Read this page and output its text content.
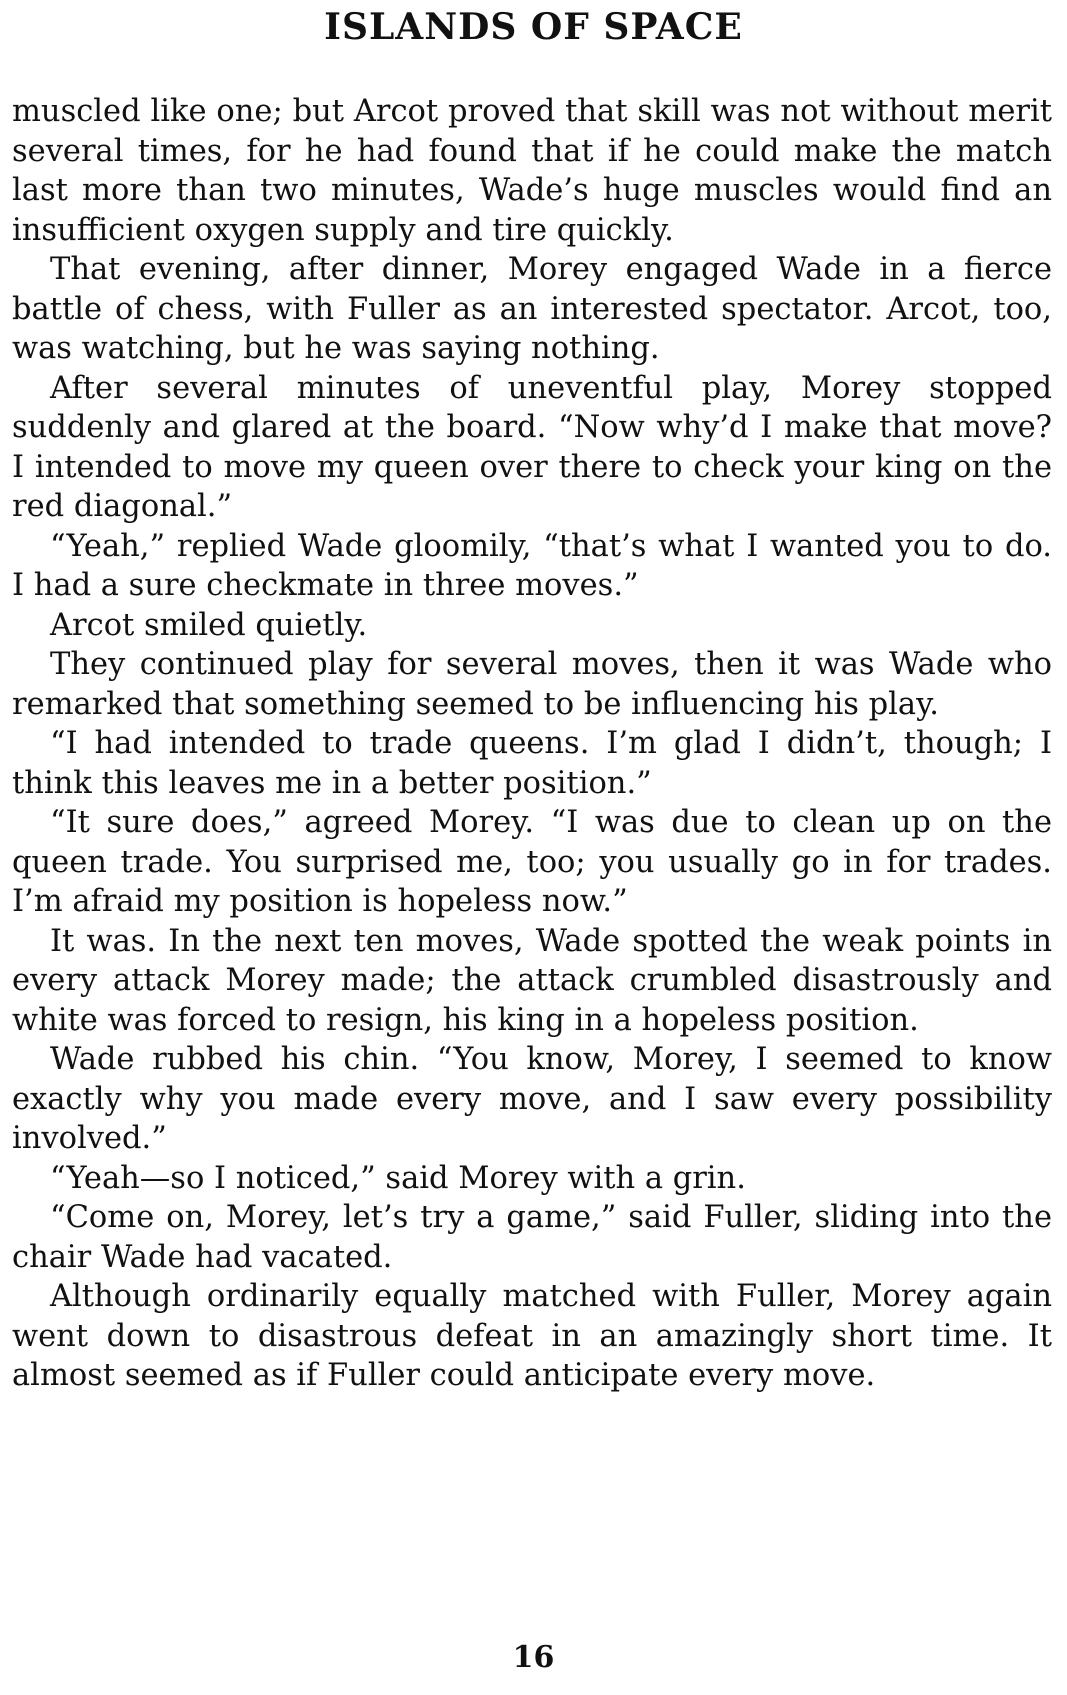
ISLANDS OF SPACE

muscled like one; but Arcot proved that skill was not without merit several times, for he had found that if he could make the match last more than two minutes, Wade’s huge muscles would find an insufficient oxygen supply and tire quickly.

That evening, after dinner, Morey engaged Wade in a fierce battle of chess, with Fuller as an interested spectator. Arcot, too, was watching, but he was saying nothing.

After several minutes of uneventful play, Morey stopped suddenly and glared at the board. “Now why’d I make that move? I intended to move my queen over there to check your king on the red diagonal.”

“Yeah,” replied Wade gloomily, “that’s what I wanted you to do. I had a sure checkmate in three moves.”

Arcot smiled quietly.

They continued play for several moves, then it was Wade who remarked that something seemed to be influencing his play.

“I had intended to trade queens. I’m glad I didn’t, though; I think this leaves me in a better position.”

“It sure does,” agreed Morey. “I was due to clean up on the queen trade. You surprised me, too; you usually go in for trades. I’m afraid my position is hopeless now.”

It was. In the next ten moves, Wade spotted the weak points in every attack Morey made; the attack crumbled disastrously and white was forced to resign, his king in a hopeless position.

Wade rubbed his chin. “You know, Morey, I seemed to know exactly why you made every move, and I saw every possibility involved.”

“Yeah—so I noticed,” said Morey with a grin.

“Come on, Morey, let’s try a game,” said Fuller, sliding into the chair Wade had vacated.

Although ordinarily equally matched with Fuller, Morey again went down to disastrous defeat in an amazingly short time. It almost seemed as if Fuller could anticipate every move.

16
